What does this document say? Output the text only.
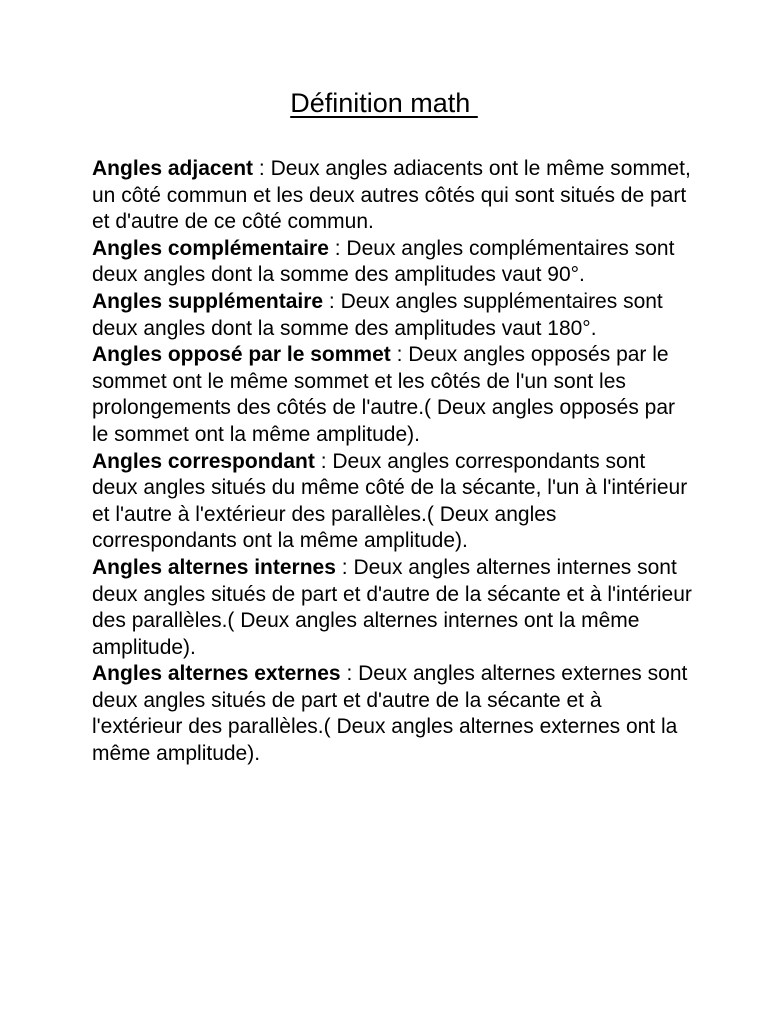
Définition math

Angles adjacent : Deux angles adiacents ont le même sommet, un côté commun et les deux autres côtés qui sont situés de part et d'autre de ce côté commun.

Angles complémentaire : Deux angles complémentaires sont deux angles dont la somme des amplitudes vaut 90°.

Angles supplémentaire : Deux angles supplémentaires sont deux angles dont la somme des amplitudes vaut 180°.

Angles opposé par le sommet : Deux angles opposés par le sommet ont le même sommet et les côtés de l'un sont les prolongements des côtés de l'autre.( Deux angles opposés par le sommet ont la même amplitude).

Angles correspondant : Deux angles correspondants sont deux angles situés du même côté de la sécante, l'un à l'intérieur et l'autre à l'extérieur des parallèles.( Deux angles correspondants ont la même amplitude).

Angles alternes internes : Deux angles alternes internes sont deux angles situés de part et d'autre de la sécante et à l'intérieur des parallèles.( Deux angles alternes internes ont la même amplitude).

Angles alternes externes : Deux angles alternes externes sont deux angles situés de part et d'autre de la sécante et à l'extérieur des parallèles.( Deux angles alternes externes ont la même amplitude).
